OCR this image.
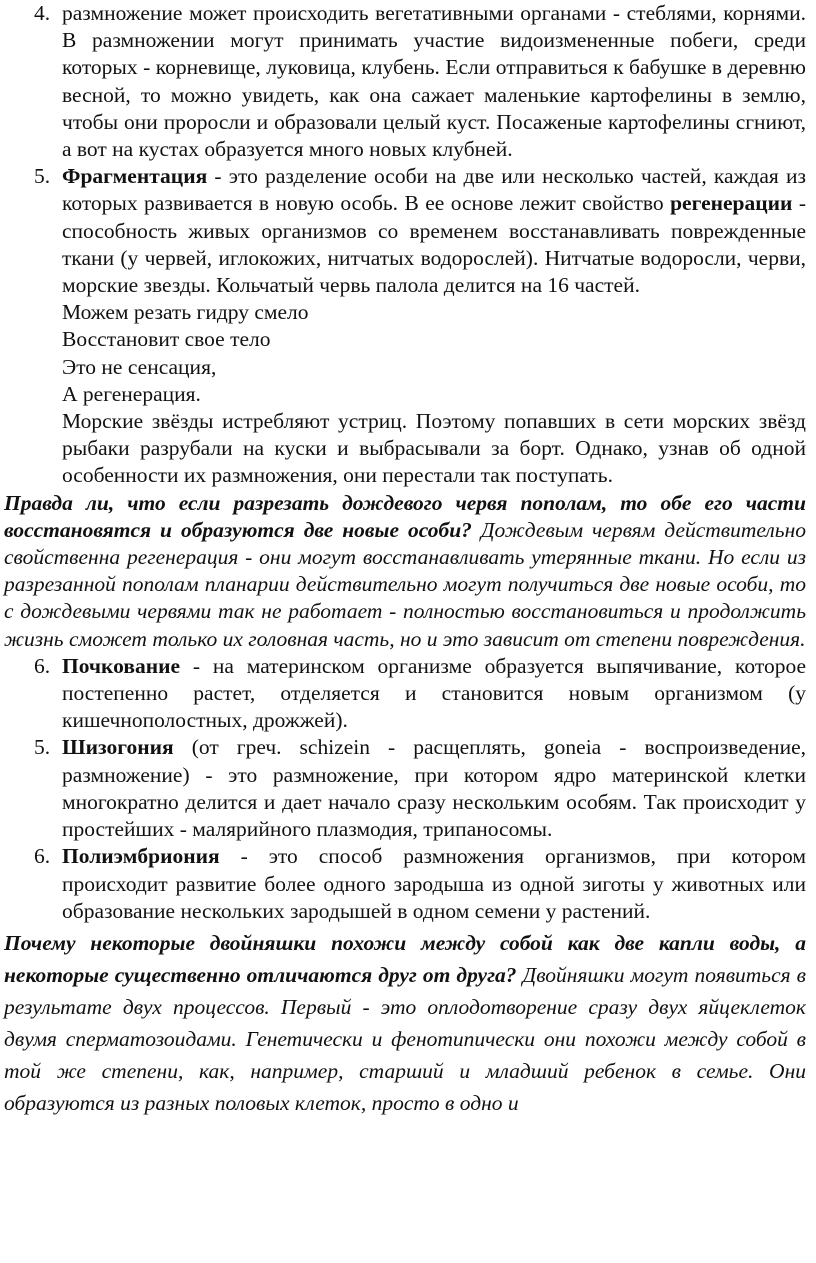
4. размножение может происходить вегетативными органами - стеблями, корнями. В размножении могут принимать участие видоизмененные побеги, среди которых - корневище, луковица, клубень. Если отправиться к бабушке в деревню весной, то можно увидеть, как она сажает маленькие картофелины в землю, чтобы они проросли и образовали целый куст. Посаженые картофелины сгниют, а вот на кустах образуется много новых клубней.

5. Фрагментация - это разделение особи на две или несколько частей, каждая из которых развивается в новую особь. В ее основе лежит свойство регенерации - способность живых организмов со временем восстанавливать поврежденные ткани (у червей, иглокожих, нитчатых водорослей). Нитчатые водоросли, черви, морские звезды. Кольчатый червь палола делится на 16 частей.

Можем резать гидру смело
Восстановит свое тело
Это не сенсация,
А регенерация.

Морские звёзды истребляют устриц. Поэтому попавших в сети морских звёзд рыбаки разрубали на куски и выбрасывали за борт. Однако, узнав об одной особенности их размножения, они перестали так поступать.

Правда ли, что если разрезать дождевого червя пополам, то обе его части восстановятся и образуются две новые особи? Дождевым червям действительно свойственна регенерация - они могут восстанавливать утерянные ткани. Но если из разрезанной пополам планарии действительно могут получиться две новые особи, то с дождевыми червями так не работает - полностью восстановиться и продолжить жизнь сможет только их головная часть, но и это зависит от степени повреждения.

6. Почкование - на материнском организме образуется выпячивание, которое постепенно растет, отделяется и становится новым организмом (у кишечнополостных, дрожжей).

5. Шизогония (от греч. schizein - расщеплять, goneia - воспроизведение, размножение) - это размножение, при котором ядро материнской клетки многократно делится и дает начало сразу нескольким особям. Так происходит у простейших - малярийного плазмодия, трипаносомы.

6. Полиэмбриония - это способ размножения организмов, при котором происходит развитие более одного зародыша из одной зиготы у животных или образование нескольких зародышей в одном семени у растений.

Почему некоторые двойняшки похожи между собой как две капли воды, а некоторые существенно отличаются друг от друга? Двойняшки могут появиться в результате двух процессов. Первый - это оплодотворение сразу двух яйцеклеток двумя сперматозоидами. Генетически и фенотипически они похожи между собой в той же степени, как, например, старший и младший ребенок в семье. Они образуются из разных половых клеток, просто в одно и
